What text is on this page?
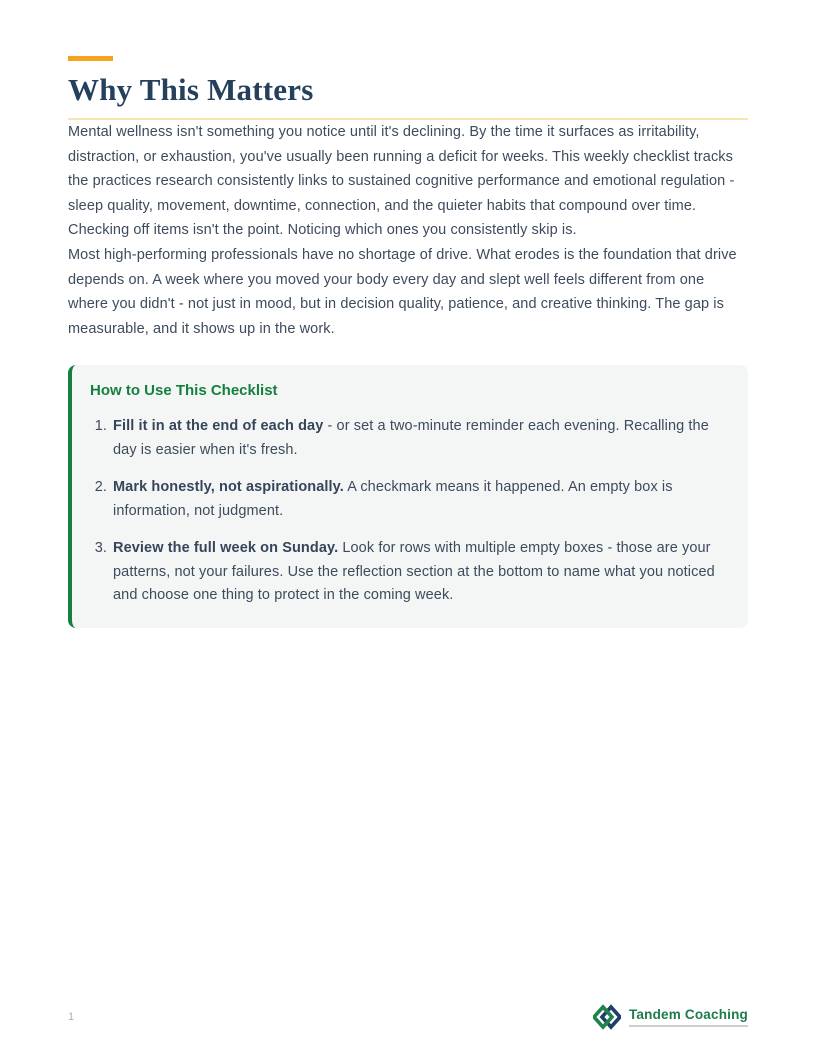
Why This Matters

Mental wellness isn't something you notice until it's declining. By the time it surfaces as irritability, distraction, or exhaustion, you've usually been running a deficit for weeks. This weekly checklist tracks the practices research consistently links to sustained cognitive performance and emotional regulation - sleep quality, movement, downtime, connection, and the quieter habits that compound over time.

Checking off items isn't the point. Noticing which ones you consistently skip is.

Most high-performing professionals have no shortage of drive. What erodes is the foundation that drive depends on. A week where you moved your body every day and slept well feels different from one where you didn't - not just in mood, but in decision quality, patience, and creative thinking. The gap is measurable, and it shows up in the work.

How to Use This Checklist
1. Fill it in at the end of each day - or set a two-minute reminder each evening. Recalling the day is easier when it's fresh.
2. Mark honestly, not aspirationally. A checkmark means it happened. An empty box is information, not judgment.
3. Review the full week on Sunday. Look for rows with multiple empty boxes - those are your patterns, not your failures. Use the reflection section at the bottom to name what you noticed and choose one thing to protect in the coming week.
1	Tandem Coaching
